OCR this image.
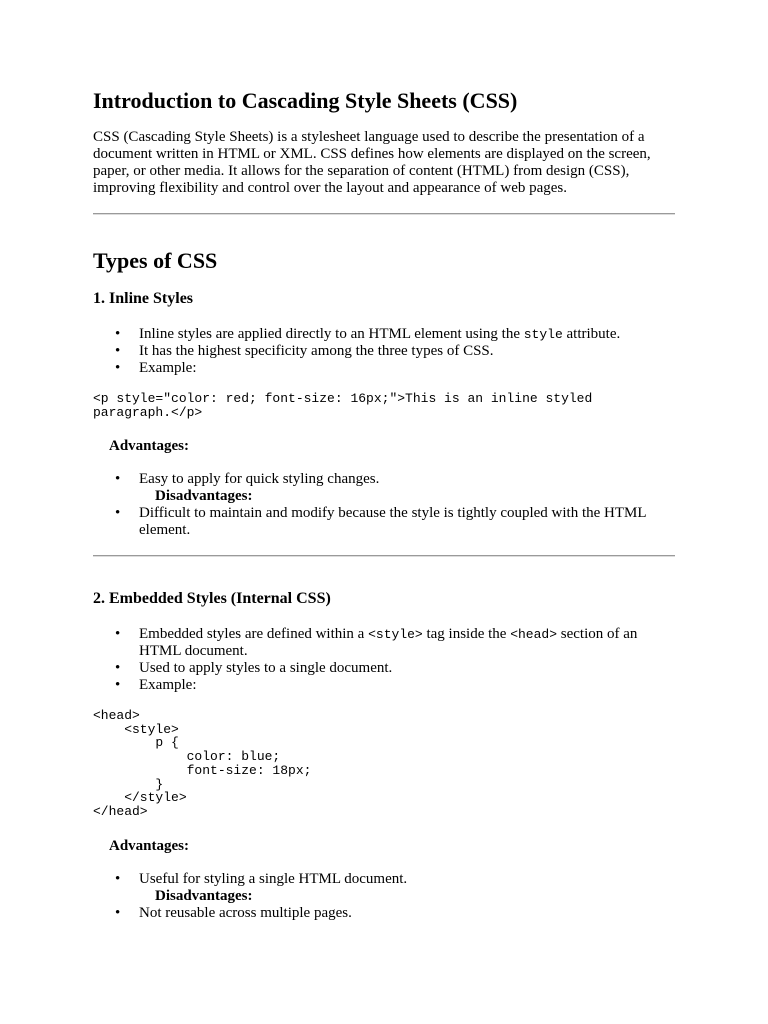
Introduction to Cascading Style Sheets (CSS)

CSS (Cascading Style Sheets) is a stylesheet language used to describe the presentation of a document written in HTML or XML. CSS defines how elements are displayed on the screen, paper, or other media. It allows for the separation of content (HTML) from design (CSS), improving flexibility and control over the layout and appearance of web pages.

Types of CSS
1. Inline Styles
• Inline styles are applied directly to an HTML element using the style attribute.
• It has the highest specificity among the three types of CSS.
• Example:
<p style="color: red; font-size: 16px;">This is an inline styled
paragraph.</p>
Advantages:
• Easy to apply for quick styling changes.
Disadvantages:
• Difficult to maintain and modify because the style is tightly coupled with the HTML element.
2. Embedded Styles (Internal CSS)
• Embedded styles are defined within a <style> tag inside the <head> section of an HTML document.
• Used to apply styles to a single document.
• Example:
<head>
<style>
p {
color: blue;
font-size: 18px;
}
</style>
</head>
Advantages:
• Useful for styling a single HTML document.
Disadvantages:
• Not reusable across multiple pages.
